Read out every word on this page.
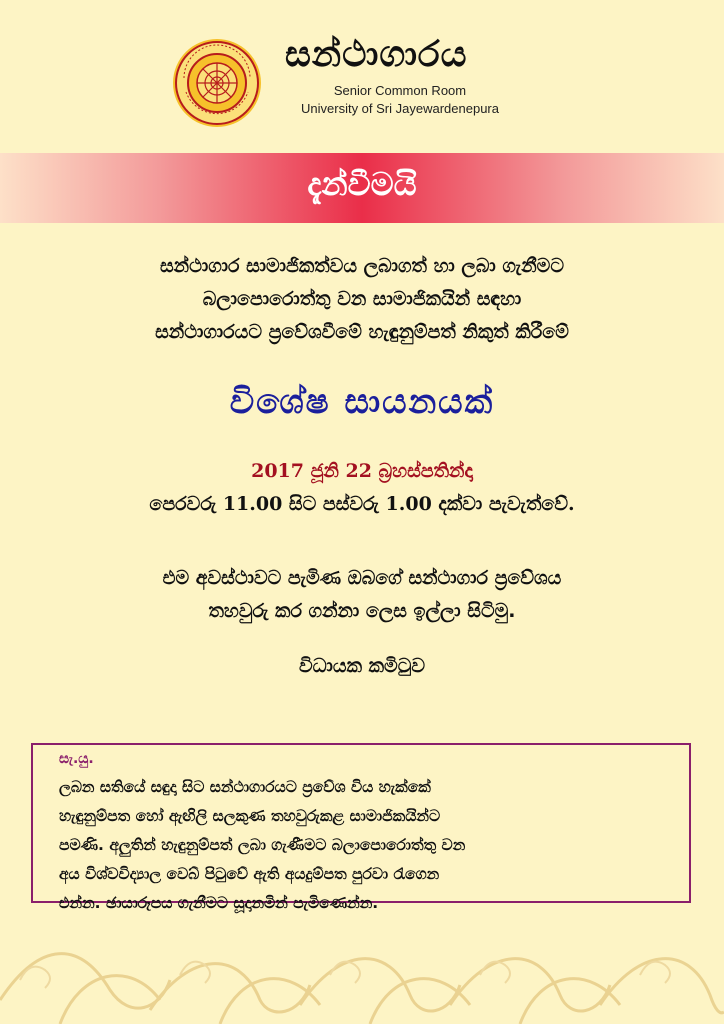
සන්ථාගාරය
Senior Common Room
University of Sri Jayewardenepura
දැන්වීමයි
සන්ථාගාර සාමාජිකත්වය ලබාගත් හා ලබා ගැනීමට
බලාපොරොත්තු වන සාමාජිකයින් සඳහා
සන්ථාගාරයට ප්‍රවේශවීමේ හැඳුනුම්පත් නිකුත් කිරීමේ
විශේෂ සායනයක්
2017 ජූනි 22 බ්‍රහස්පතින්දා
පෙරවරු 11.00 සිට පස්වරු 1.00 දක්වා පැවැත්වේ.
එම අවස්ථාවට පැමිණ ඔබගේ සන්ථාගාර ප්‍රවේශය
තහවුරු කර ගන්නා ලෙස ඉල්ලා සිටිමු.
විධායක කමිටුව
සැ.යු.
ලබන සතියේ සඳුදා සිට සන්ථාගාරයට ප්‍රවේශ විය හැක්කේ
හැඳුනුම්පත හෝ ඇඟිලි සලකුණ තහවුරුකළ සාමාජිකයින්ට
පමණි. අලුතින් හැඳුනුම්පත් ලබා ගැණීමට බලාපොරොත්තු වන
අය විශ්වවිද්‍යාල වෙබ් පිටුවේ ඇති අයදුම්පත පුරවා රැගෙන
එන්න. ඡායාරූපය ගැනීමට සූදානමින් පැමිණෙන්න.
